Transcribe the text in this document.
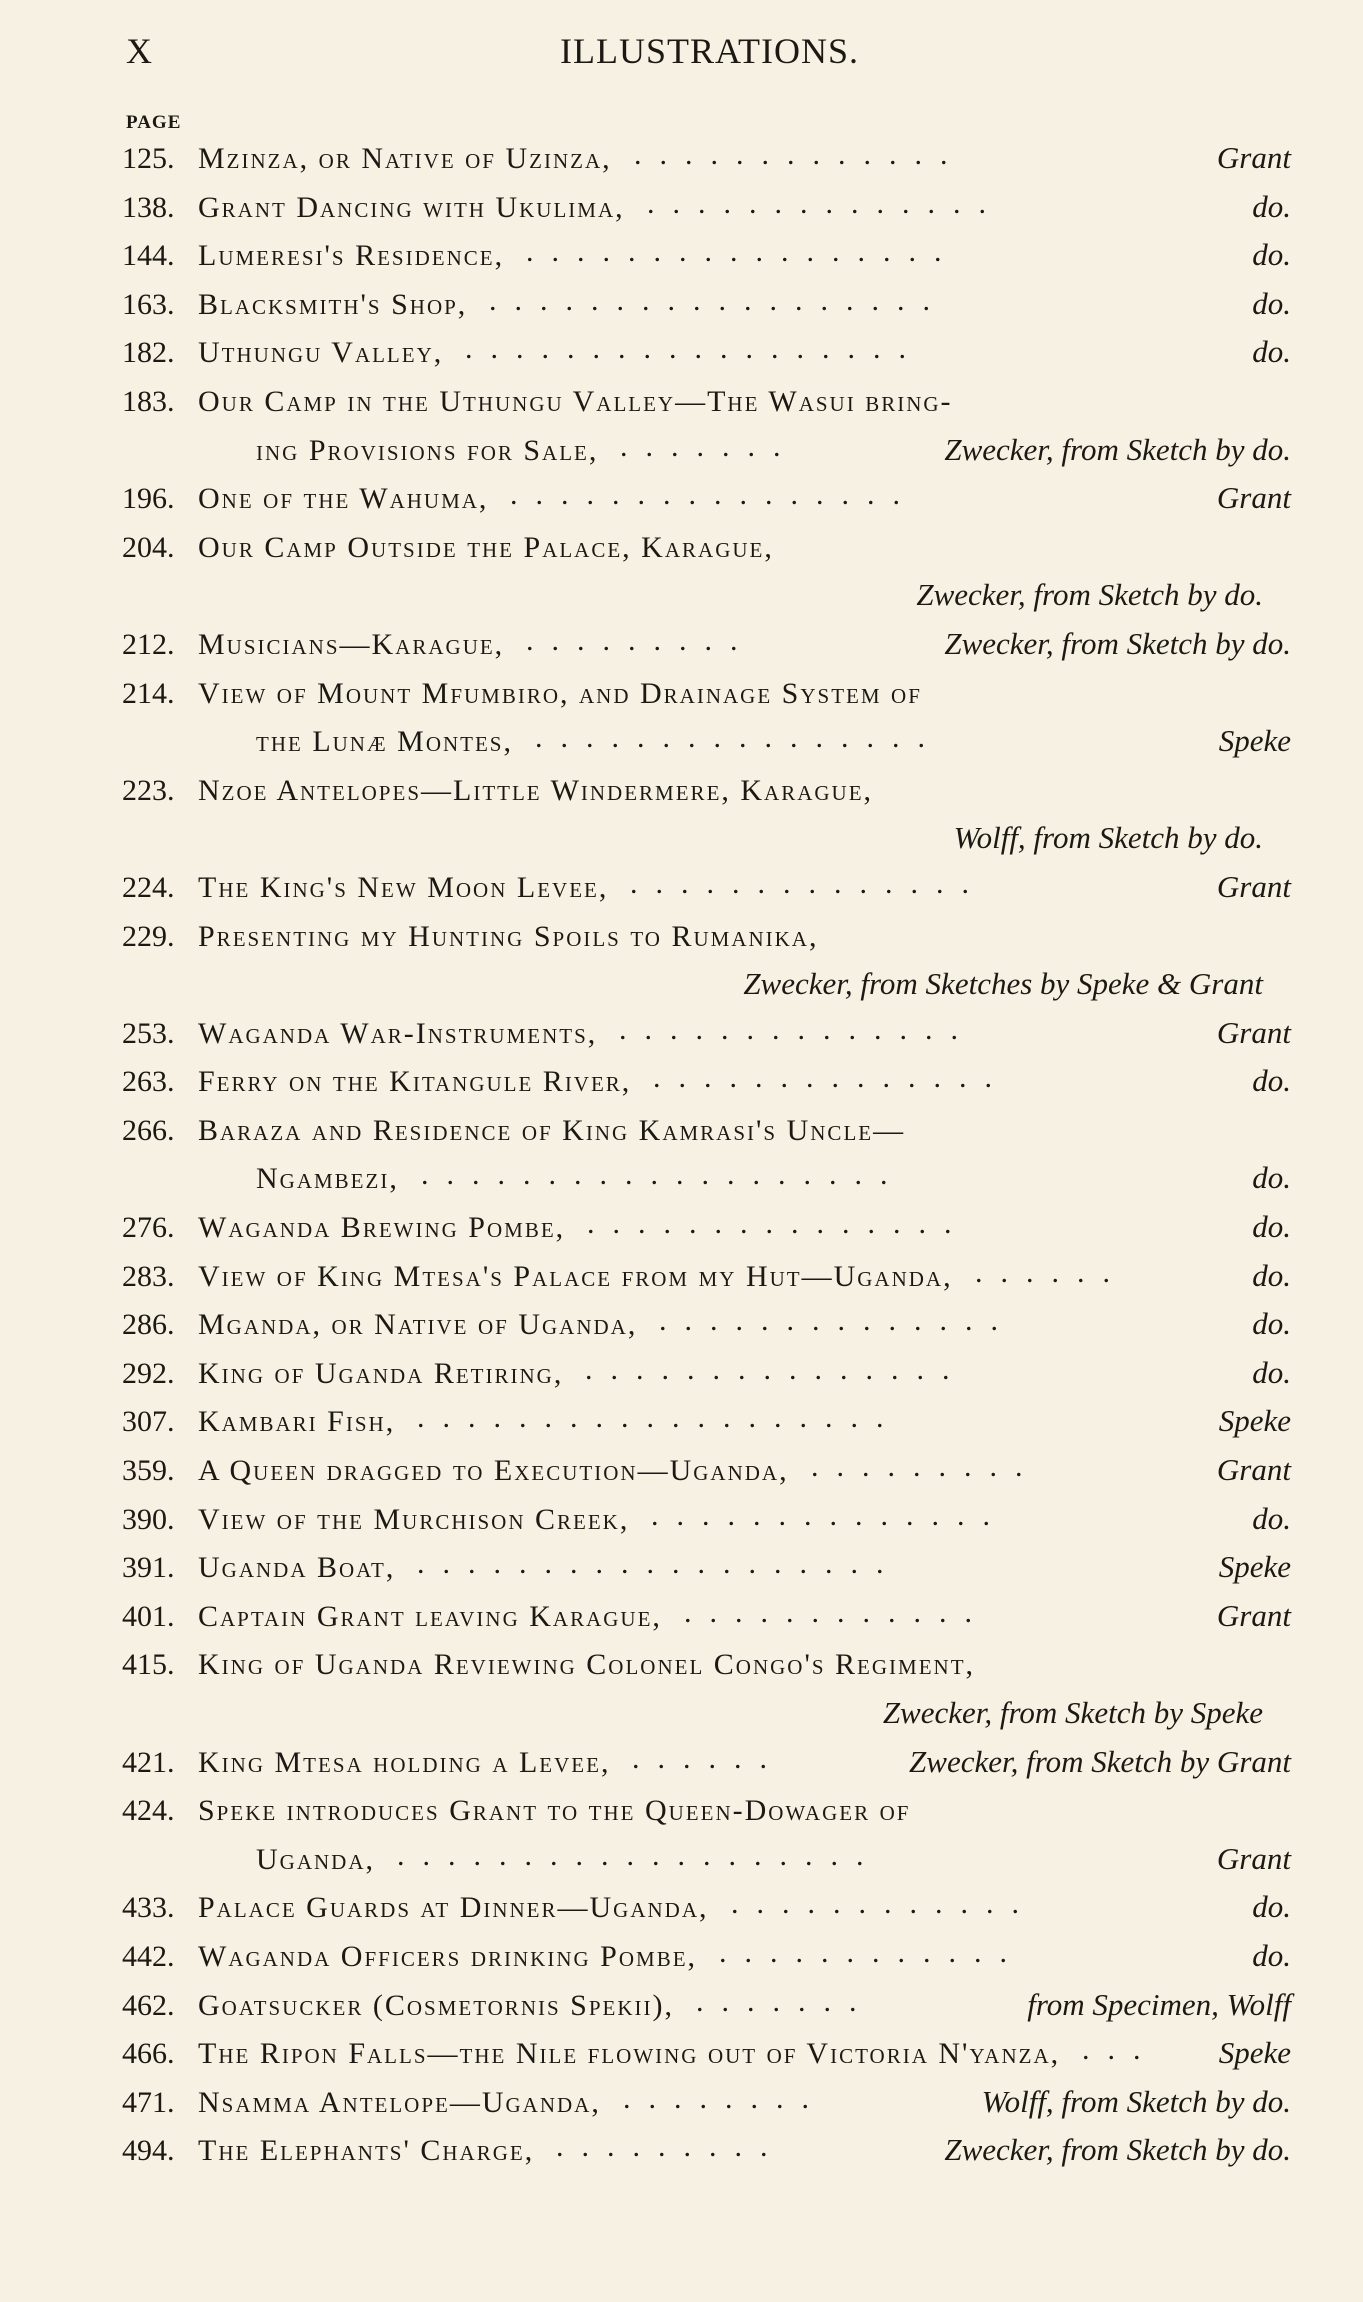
X	ILLUSTRATIONS.
PAGE
125. Mzinza, or Native of Uzinza,	Grant
.............
138. Grant Dancing with Ukulima,	do.
..............
144. Lumeresi's Residence,	do.
.................
163. Blacksmith's Shop,	do.
..................
182. Uthungu Valley,	do.
..................
183. Our Camp in the Uthungu Valley—The Wasui bring-
ing Provisions for Sale,	Zwecker, from Sketch by do.
.......
196. One of the Wahuma,	Grant
................
204. Our Camp Outside the Palace, Karague,
Zwecker, from Sketch by do.
212. Musicians—Karague,	Zwecker, from Sketch by do.
.........
214. View of Mount Mfumbiro, and Drainage System of
the Lunæ Montes,	Speke
................
223. Nzoe Antelopes—Little Windermere, Karague,
Wolff, from Sketch by do.
224. The King's New Moon Levee,	Grant
..............
229. Presenting my Hunting Spoils to Rumanika,
Zwecker, from Sketches by Speke & Grant
253. Waganda War-Instruments,	Grant
..............
263. Ferry on the Kitangule River,	do.
..............
266. Baraza and Residence of King Kamrasi's Uncle—
Ngambezi,	do.
...................
276. Waganda Brewing Pombe,	do.
...............
283. View of King Mtesa's Palace from my Hut—Uganda,	do.
......
286. Mganda, or Native of Uganda,	do.
..............
292. King of Uganda Retiring,	do.
...............
307. Kambari Fish,	Speke
...................
359. A Queen dragged to Execution—Uganda,	Grant
.........
390. View of the Murchison Creek,	do.
..............
391. Uganda Boat,	Speke
...................
401. Captain Grant leaving Karague,	Grant
............
415. King of Uganda Reviewing Colonel Congo's Regiment,
Zwecker, from Sketch by Speke
421. King Mtesa holding a Levee,	Zwecker, from Sketch by Grant
......
424. Speke introduces Grant to the Queen-Dowager of
Uganda,	Grant
...................
433. Palace Guards at Dinner—Uganda,	do.
............
442. Waganda Officers drinking Pombe,	do.
............
462. Goatsucker (Cosmetornis Spekii),	from Specimen, Wolff
.......
466. The Ripon Falls—the Nile flowing out of Victoria N'yanza,	Speke
...
471. Nsamma Antelope—Uganda,	Wolff, from Sketch by do.
........
494. The Elephants' Charge,	Zwecker, from Sketch by do.
.........
